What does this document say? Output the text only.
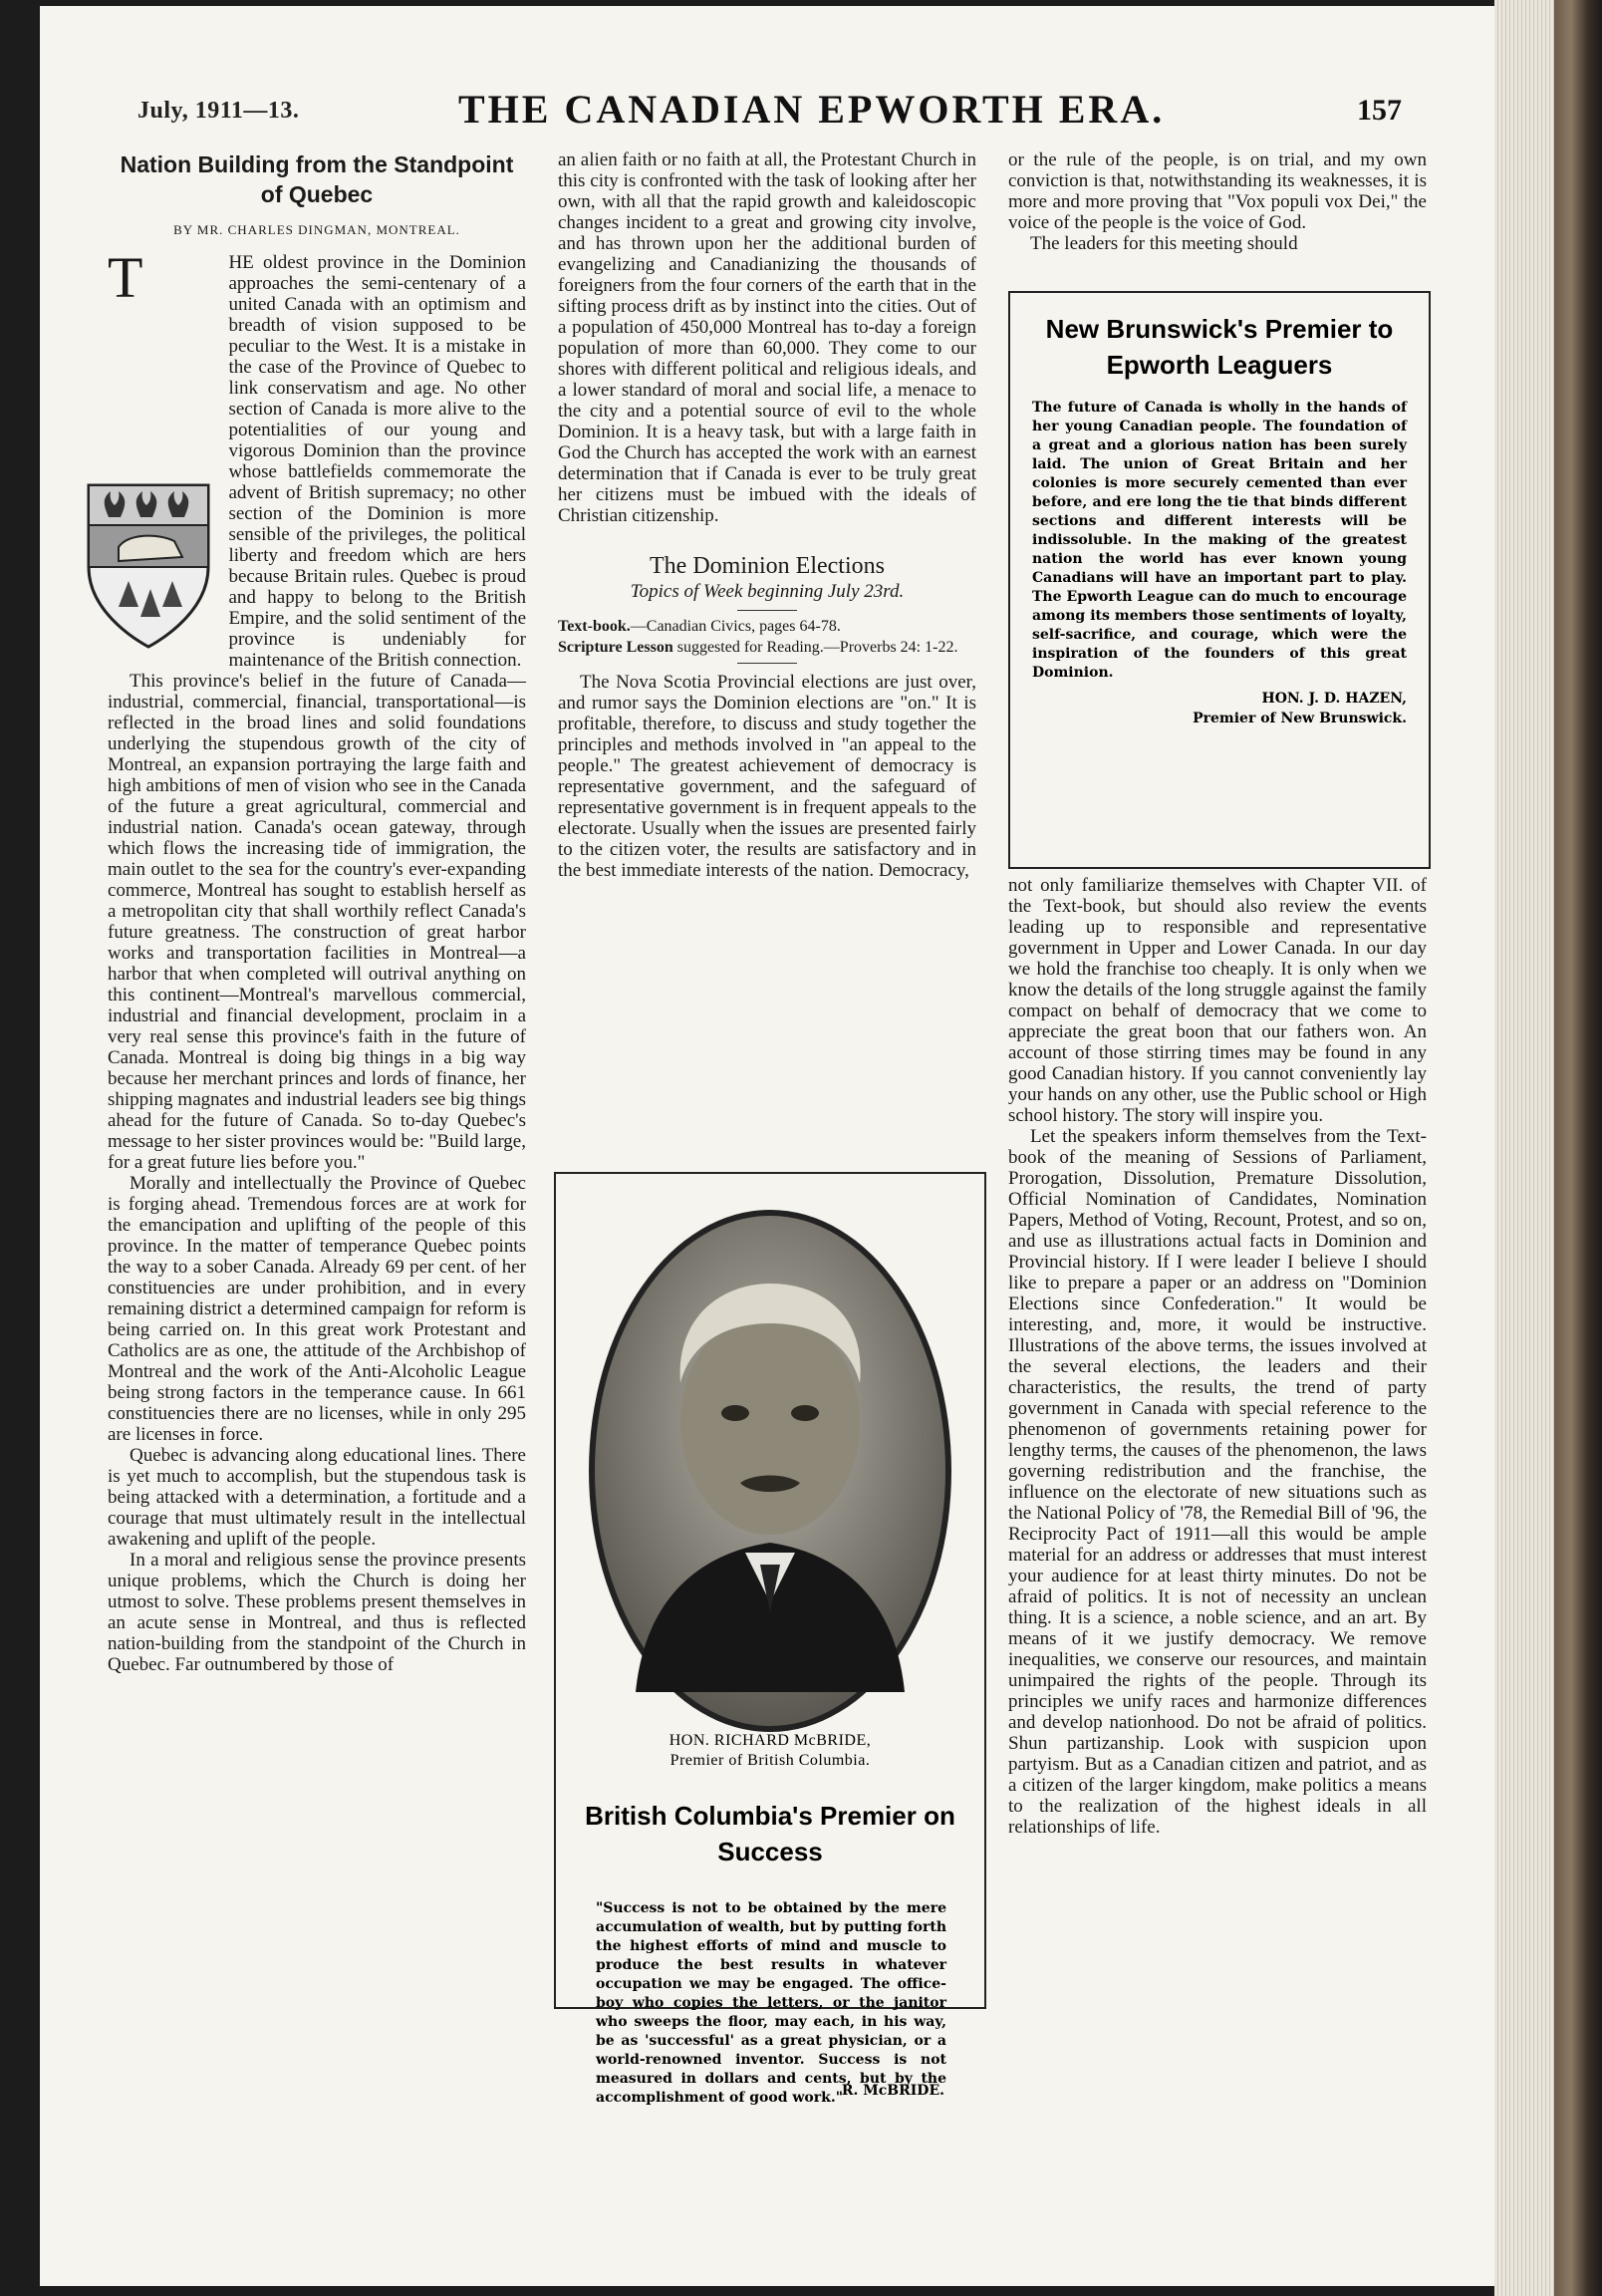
July, 1911—13.	THE CANADIAN EPWORTH ERA.	157
Nation Building from the Standpoint of Quebec
BY MR. CHARLES DINGMAN, MONTREAL.

T	HE oldest province in the Dominion approaches the semi-centenary of a united Canada with an optimism and breadth of vision supposed to be peculiar to the West. It is a mistake in the case of the Province of Quebec to link conservatism and age. No other section of Canada is more alive to the potentialities of our young and vigorous Dominion than the province whose battlefields commemorate the advent of British supremacy; no other section of the Dominion is more sensible of the privileges, the political liberty and freedom which are hers because Britain rules. Quebec is proud and happy to belong to the British Empire, and the solid sentiment of the province is undeniably for maintenance of the British connection.

This province's belief in the future of Canada—industrial, commercial, financial, transportational—is reflected in the broad lines and solid foundations underlying the stupendous growth of the city of Montreal, an expansion portraying the large faith and high ambitions of men of vision who see in the Canada of the future a great agricultural, commercial and industrial nation. Canada's ocean gateway, through which flows the increasing tide of immigration, the main outlet to the sea for the country's ever-expanding commerce, Montreal has sought to establish herself as a metropolitan city that shall worthily reflect Canada's future greatness. The construction of great harbor works and transportation facilities in Montreal—a harbor that when completed will outrival anything on this continent—Montreal's marvellous commercial, industrial and financial development, proclaim in a very real sense this province's faith in the future of Canada. Montreal is doing big things in a big way because her merchant princes and lords of finance, her shipping magnates and industrial leaders see big things ahead for the future of Canada. So to-day Quebec's message to her sister provinces would be: "Build large, for a great future lies before you."

Morally and intellectually the Province of Quebec is forging ahead. Tremendous forces are at work for the emancipation and uplifting of the people of this province. In the matter of temperance Quebec points the way to a sober Canada. Already 69 per cent. of her constituencies are under prohibition, and in every remaining district a determined campaign for reform is being carried on. In this great work Protestant and Catholics are as one, the attitude of the Archbishop of Montreal and the work of the Anti-Alcoholic League being strong factors in the temperance cause. In 661 constituencies there are no licenses, while in only 295 are licenses in force.

Quebec is advancing along educational lines. There is yet much to accomplish, but the stupendous task is being attacked with a determination, a fortitude and a courage that must ultimately result in the intellectual awakening and uplift of the people.

In a moral and religious sense the province presents unique problems, which the Church is doing her utmost to solve. These problems present themselves in an acute sense in Montreal, and thus is reflected nation-building from the standpoint of the Church in Quebec. Far outnumbered by those of

an alien faith or no faith at all, the Protestant Church in this city is confronted with the task of looking after her own, with all that the rapid growth and kaleidoscopic changes incident to a great and growing city involve, and has thrown upon her the additional burden of evangelizing and Canadianizing the thousands of foreigners from the four corners of the earth that in the sifting process drift as by instinct into the cities. Out of a population of 450,000 Montreal has to-day a foreign population of more than 60,000. They come to our shores with different political and religious ideals, and a lower standard of moral and social life, a menace to the city and a potential source of evil to the whole Dominion. It is a heavy task, but with a large faith in God the Church has accepted the work with an earnest determination that if Canada is ever to be truly great her citizens must be imbued with the ideals of Christian citizenship.

The Dominion Elections
Topics of Week beginning July 23rd.
Text-book.—Canadian Civics, pages 64-78.
Scripture Lesson suggested for Reading.—Proverbs 24: 1-22.

The Nova Scotia Provincial elections are just over, and rumor says the Dominion elections are "on." It is profitable, therefore, to discuss and study together the principles and methods involved in "an appeal to the people." The greatest achievement of democracy is representative government, and the safeguard of representative government is in frequent appeals to the electorate. Usually when the issues are presented fairly to the citizen voter, the results are satisfactory and in the best immediate interests of the nation. Democracy,

HON. RICHARD McBRIDE,
Premier of British Columbia.
British Columbia's Premier on Success
"Success is not to be obtained by the mere accumulation of wealth, but by putting forth the highest efforts of mind and muscle to produce the best results in whatever occupation we may be engaged. The office-boy who copies the letters, or the janitor who sweeps the floor, may each, in his way, be as 'successful' as a great physician, or a world-renowned inventor. Success is not measured in dollars and cents, but by the accomplishment of good work."
R. McBRIDE.

or the rule of the people, is on trial, and my own conviction is that, notwithstanding its weaknesses, it is more and more proving that "Vox populi vox Dei," the voice of the people is the voice of God.

The leaders for this meeting should

New Brunswick's Premier to Epworth Leaguers
The future of Canada is wholly in the hands of her young Canadian people. The foundation of a great and a glorious nation has been surely laid. The union of Great Britain and her colonies is more securely cemented than ever before, and ere long the tie that binds different sections and different interests will be indissoluble. In the making of the greatest nation the world has ever known young Canadians will have an important part to play. The Epworth League can do much to encourage among its members those sentiments of loyalty, self-sacrifice, and courage, which were the inspiration of the founders of this great Dominion.
HON. J. D. HAZEN,
Premier of New Brunswick.

not only familiarize themselves with Chapter VII. of the Text-book, but should also review the events leading up to responsible and representative government in Upper and Lower Canada. In our day we hold the franchise too cheaply. It is only when we know the details of the long struggle against the family compact on behalf of democracy that we come to appreciate the great boon that our fathers won. An account of those stirring times may be found in any good Canadian history. If you cannot conveniently lay your hands on any other, use the Public school or High school history. The story will inspire you.

Let the speakers inform themselves from the Text-book of the meaning of Sessions of Parliament, Prorogation, Dissolution, Premature Dissolution, Official Nomination of Candidates, Nomination Papers, Method of Voting, Recount, Protest, and so on, and use as illustrations actual facts in Dominion and Provincial history. If I were leader I believe I should like to prepare a paper or an address on "Dominion Elections since Confederation." It would be interesting, and, more, it would be instructive. Illustrations of the above terms, the issues involved at the several elections, the leaders and their characteristics, the results, the trend of party government in Canada with special reference to the phenomenon of governments retaining power for lengthy terms, the causes of the phenomenon, the laws governing redistribution and the franchise, the influence on the electorate of new situations such as the National Policy of '78, the Remedial Bill of '96, the Reciprocity Pact of 1911—all this would be ample material for an address or addresses that must interest your audience for at least thirty minutes. Do not be afraid of politics. It is not of necessity an unclean thing. It is a science, a noble science, and an art. By means of it we justify democracy. We remove inequalities, we conserve our resources, and maintain unimpaired the rights of the people. Through its principles we unify races and harmonize differences and develop nationhood. Do not be afraid of politics. Shun partizanship. Look with suspicion upon partyism. But as a Canadian citizen and patriot, and as a citizen of the larger kingdom, make politics a means to the realization of the highest ideals in all relationships of life.
